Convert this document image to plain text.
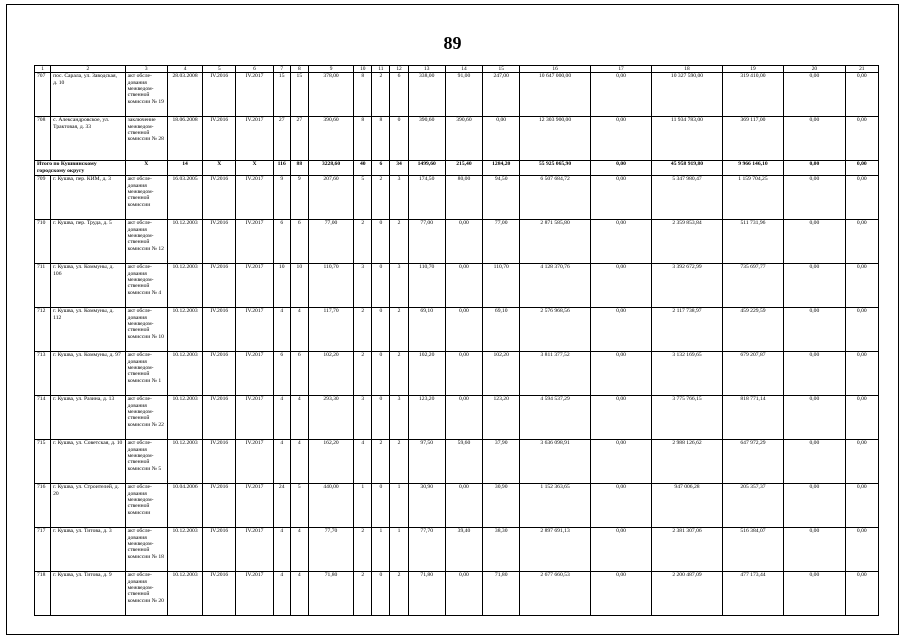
89
1	2	3	4	5	6	7	8	9	10	11	12	13	14	15	16	17	18	19	20	21
707	пос. Сарала, ул. Заводская, д. 10	акт обсле-дования межведом-ственной комиссии № 19	28.03.2008	IV.2016	IV.2017	15	15	378,00	8	2	6	338,00	91,00	247,00	10 647 000,00	0,00	10 327 590,00	319 410,00	0,00	0,00
708	с. Александровское, ул. Трактовая, д. 33	заключение межведом-ственной комиссии № 28	18.06.2008	IV.2016	IV.2017	27	27	390,60	8	8	0	390,60	390,60	0,00	12 303 900,00	0,00	11 934 783,00	369 117,00	0,00	0,00
Итого по Кушвинскому городскому округу		Х	14	Х	Х	116	88	3228,60	40	6	34	1499,60	215,40	1284,20	55 925 065,90	0,00	45 958 919,80	9 966 146,10	0,00	0,00
709	г. Кушва, пер. КИМ, д. 3	акт обсле-дования межведом-ственной комиссии	16.03.2005	IV.2016	IV.2017	9	9	207,60	5	2	3	174,50	80,00	94,50	6 507 684,72	0,00	5 347 980,47	1 159 704,25	0,00	0,00
710	г. Кушва, пер. Труда, д. 5	акт обсле-дования межведом-ственной комиссии № 12	10.12.2003	IV.2016	IV.2017	6	6	77,00	2	0	2	77,00	0,00	77,00	2 871 585,80	0,00	2 359 853,84	511 731,96	0,00	0,00
711	г. Кушва, ул. Коммуны, д. 106	акт обсле-дования межведом-ственной комиссии № 4	10.12.2003	IV.2016	IV.2017	10	10	110,70	3	0	3	110,70	0,00	110,70	4 128 370,76	0,00	3 392 672,99	735 697,77	0,00	0,00
712	г. Кушва, ул. Коммуны, д. 112	акт обсле-дования межведом-ственной комиссии № 10	10.12.2003	IV.2016	IV.2017	4	4	117,70	2	0	2	69,10	0,00	69,10	2 576 968,56	0,00	2 117 738,97	459 229,59	0,00	0,00
713	г. Кушва, ул. Коммуны, д. 97	акт обсле-дования межведом-ственной комиссии № 1	10.12.2003	IV.2016	IV.2017	6	6	102,20	2	0	2	102,20	0,00	102,20	3 811 377,52	0,00	3 132 169,65	679 207,87	0,00	0,00
714	г. Кушва, ул. Разина, д. 13	акт обсле-дования межведом-ственной комиссии № 22	10.12.2003	IV.2016	IV.2017	4	4	293,30	3	0	3	123,20	0,00	123,20	4 594 537,29	0,00	3 775 766,15	818 771,14	0,00	0,00
715	г. Кушва, ул. Советская, д. 10	акт обсле-дования межведом-ственной комиссии № 5	10.12.2003	IV.2016	IV.2017	4	4	162,20	4	2	2	97,50	59,60	37,90	3 636 098,91	0,00	2 988 126,62	647 972,29	0,00	0,00
716	г. Кушва, ул. Строителей, д. 20	акт обсле-дования межведом-ственной комиссии	10.04.2006	IV.2016	IV.2017	24	5	440,00	1	0	1	30,90	0,00	30,90	1 152 363,65	0,00	947 006,28	205 357,37	0,00	0,00
717	г. Кушва, ул. Титова, д. 3	акт обсле-дования межведом-ственной комиссии № 18	10.12.2003	IV.2016	IV.2017	4	4	77,70	2	1	1	77,70	39,40	38,30	2 897 691,13	0,00	2 381 307,06	516 384,07	0,00	0,00
718	г. Кушва, ул. Титова, д. 9	акт обсле-дования межведом-ственной комиссии № 20	10.12.2003	IV.2016	IV.2017	4	4	71,80	2	0	2	71,80	0,00	71,80	2 677 660,53	0,00	2 200 487,09	477 173,44	0,00	0,00
